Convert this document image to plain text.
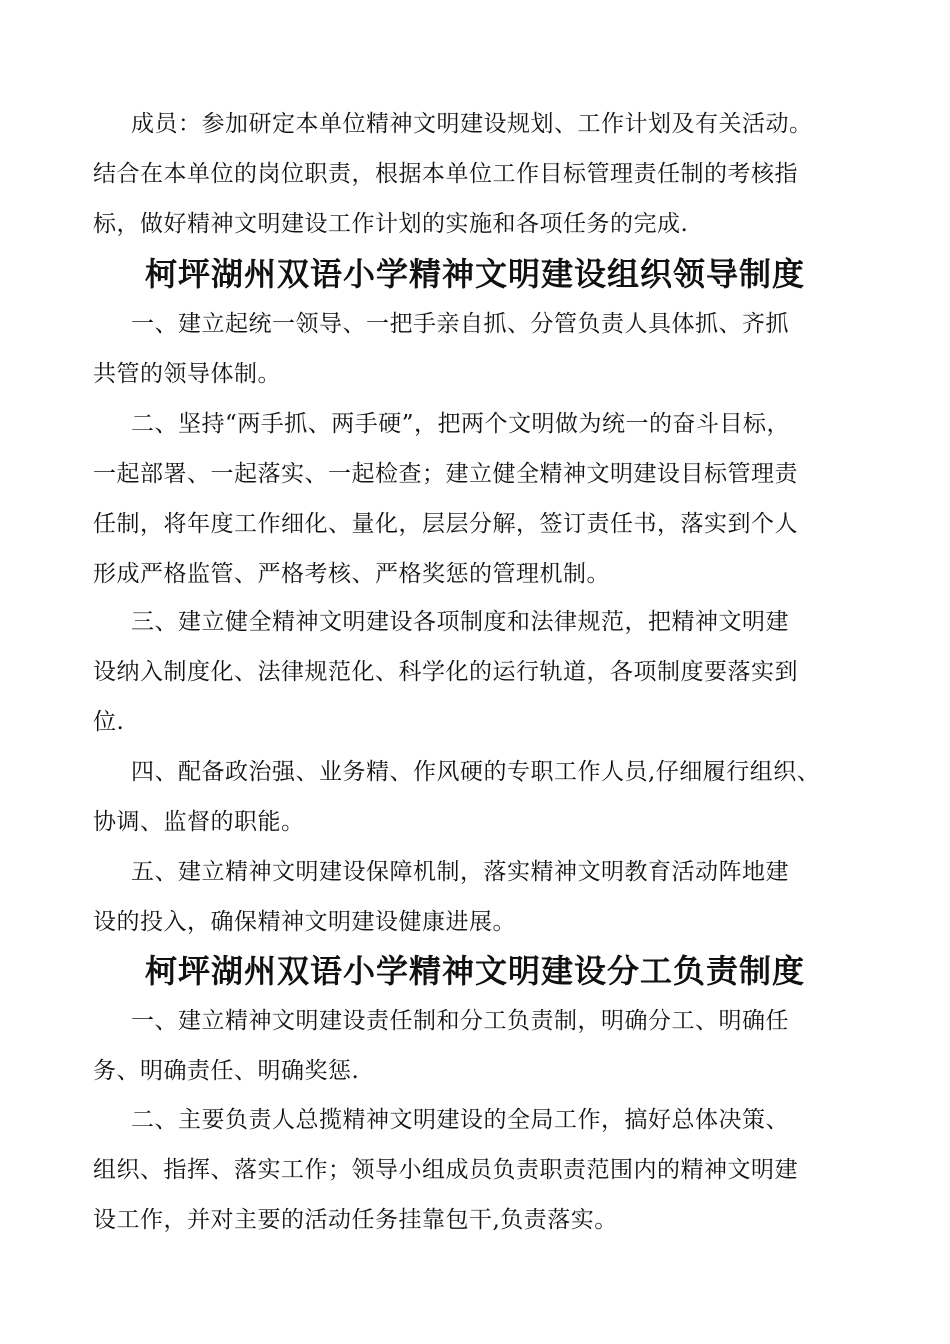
成员：参加研定本单位精神文明建设规划、工作计划及有关活动。
结合在本单位的岗位职责，根据本单位工作目标管理责任制的考核指
标，做好精神文明建设工作计划的实施和各项任务的完成.

柯坪湖州双语小学精神文明建设组织领导制度

一、建立起统一领导、一把手亲自抓、分管负责人具体抓、齐抓
共管的领导体制。

二、坚持“两手抓、两手硬”，把两个文明做为统一的奋斗目标，
一起部署、一起落实、一起检查；建立健全精神文明建设目标管理责
任制，将年度工作细化、量化，层层分解，签订责任书，落实到个人
形成严格监管、严格考核、严格奖惩的管理机制。

三、建立健全精神文明建设各项制度和法律规范，把精神文明建
设纳入制度化、法律规范化、科学化的运行轨道，各项制度要落实到
位.

四、配备政治强、业务精、作风硬的专职工作人员,仔细履行组织、
协调、监督的职能。

五、建立精神文明建设保障机制，落实精神文明教育活动阵地建
设的投入，确保精神文明建设健康进展。

柯坪湖州双语小学精神文明建设分工负责制度

一、建立精神文明建设责任制和分工负责制，明确分工、明确任
务、明确责任、明确奖惩.

二、主要负责人总揽精神文明建设的全局工作，搞好总体决策、
组织、指挥、落实工作；领导小组成员负责职责范围内的精神文明建
设工作，并对主要的活动任务挂靠包干,负责落实。
